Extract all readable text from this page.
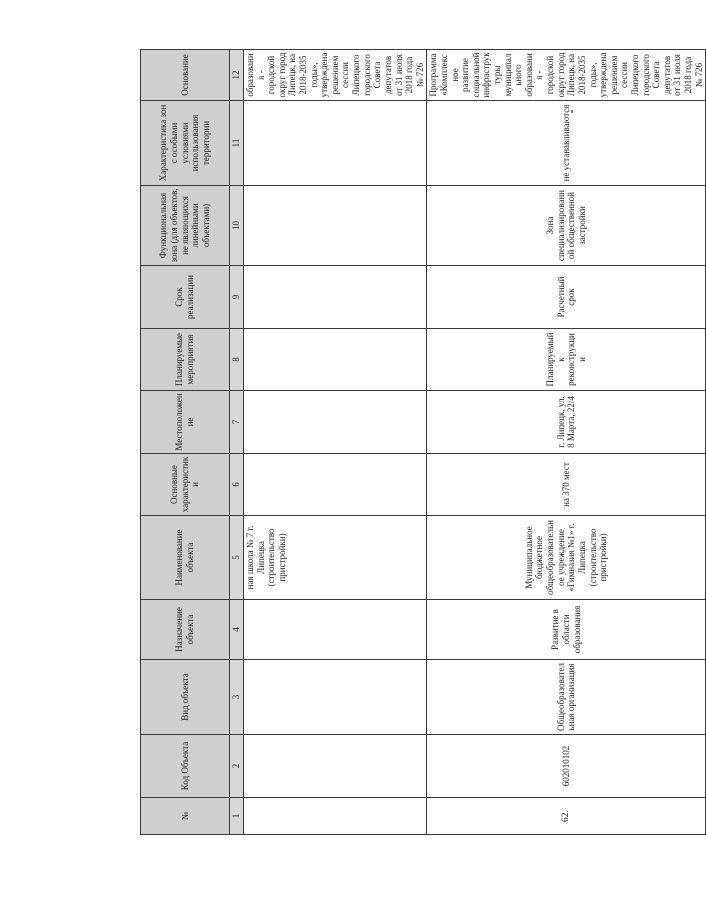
№	Код Объекта	Вид объекта	Назначение объекта	Наименование объекта	Основные характеристики	Местоположение	Планируемые мероприятия	Срок реализации	Функциональная зона (для объектов, не являющихся линейными объектами)	Характеристика зон с особыми условиями использования территории	Основание
1	2	3	4	5	6	7	8	9	10	11	12
				ная школа № 7 г. Липецка (строительство пристройки)							образования - городской округ город Липецк, на 2018-2035 годы», утверждена решением сессии Липецкого городского Совета депутатов от 31 июля 2018 года № 726
62.	602010102	Общеобразовательная организация	Развитие в области образования	Муниципальное бюджетное общеобразовательное учреждение «Гимназия №1» г. Липецка (строительство пристройки)	на 370 мест	г. Липецк, ул. 8 Марта, 22/4	Планируемый к реконструкции	Расчетный срок	Зона специализированной общественной застройки	не устанавливаются	Программа «Комплексное развитие социальной инфраструктуры муниципального образования - городской округ город Липецк, на 2018-2035 годы», утверждена решением сессии Липецкого городского Совета депутатов от 31 июля 2018 года № 726
